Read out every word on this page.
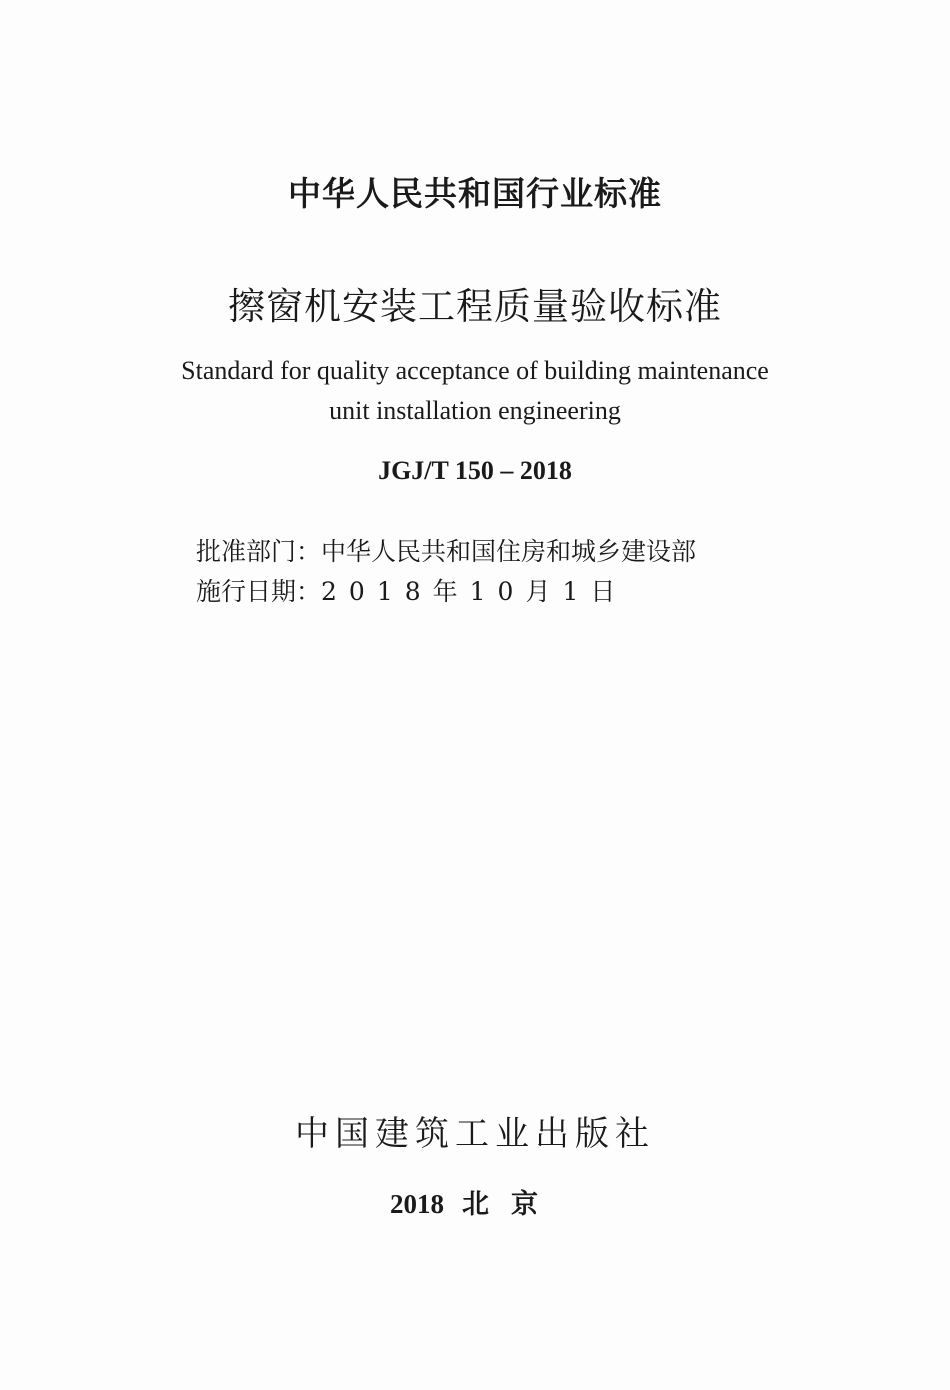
中华人民共和国行业标准
擦窗机安装工程质量验收标准
Standard for quality acceptance of building maintenance
unit installation engineering
JGJ/T 150 – 2018
批准部门：中华人民共和国住房和城乡建设部
施行日期：2018年10月1日
中国建筑工业出版社
2018 北京
